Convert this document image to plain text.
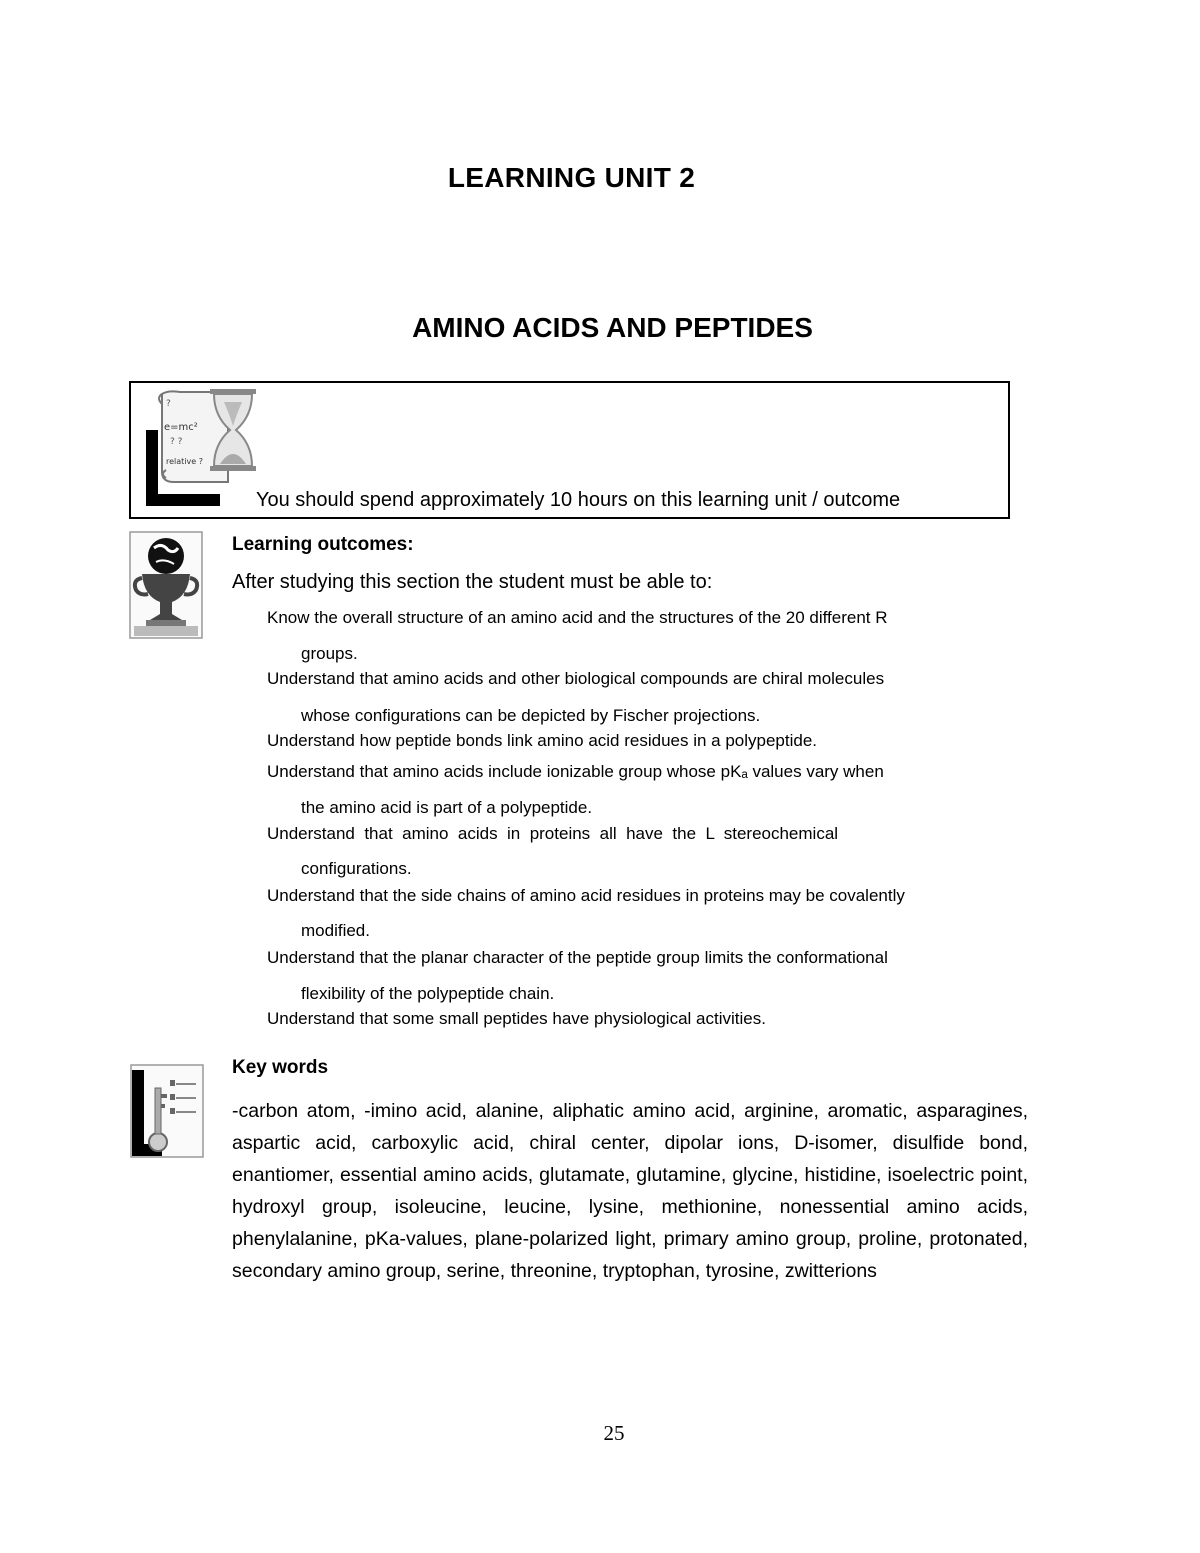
LEARNING UNIT 2
AMINO ACIDS AND PEPTIDES
?
e=mc²
? ?
relative ?
You should spend approximately 10 hours on this learning unit / outcome
Learning outcomes:
After studying this section the student must be able to:
Know the overall structure of an amino acid and the structures of the 20 different R
groups.
Understand that amino acids and other biological compounds are chiral molecules
whose configurations can be depicted by Fischer projections.
Understand how peptide bonds link amino acid residues in a polypeptide.
Understand that amino acids include ionizable group whose pKₐ values vary when
the amino acid is part of a polypeptide.
Understand  that  amino  acids  in  proteins  all  have  the  L  stereochemical
configurations.
Understand that the side chains of amino acid residues in proteins may be covalently
modified.
Understand that the planar character of the peptide group limits the conformational
flexibility of the polypeptide chain.
Understand that some small peptides have physiological activities.
Key words
-carbon atom, -imino acid, alanine, aliphatic amino acid, arginine, aromatic, asparagines, aspartic acid, carboxylic acid, chiral center, dipolar ions, D-isomer, disulfide bond, enantiomer, essential amino acids, glutamate, glutamine, glycine, histidine, isoelectric point, hydroxyl group, isoleucine, leucine, lysine, methionine, nonessential amino acids, phenylalanine, pKa-values, plane-polarized light, primary amino group, proline, protonated, secondary amino group, serine, threonine, tryptophan, tyrosine, zwitterions
25
